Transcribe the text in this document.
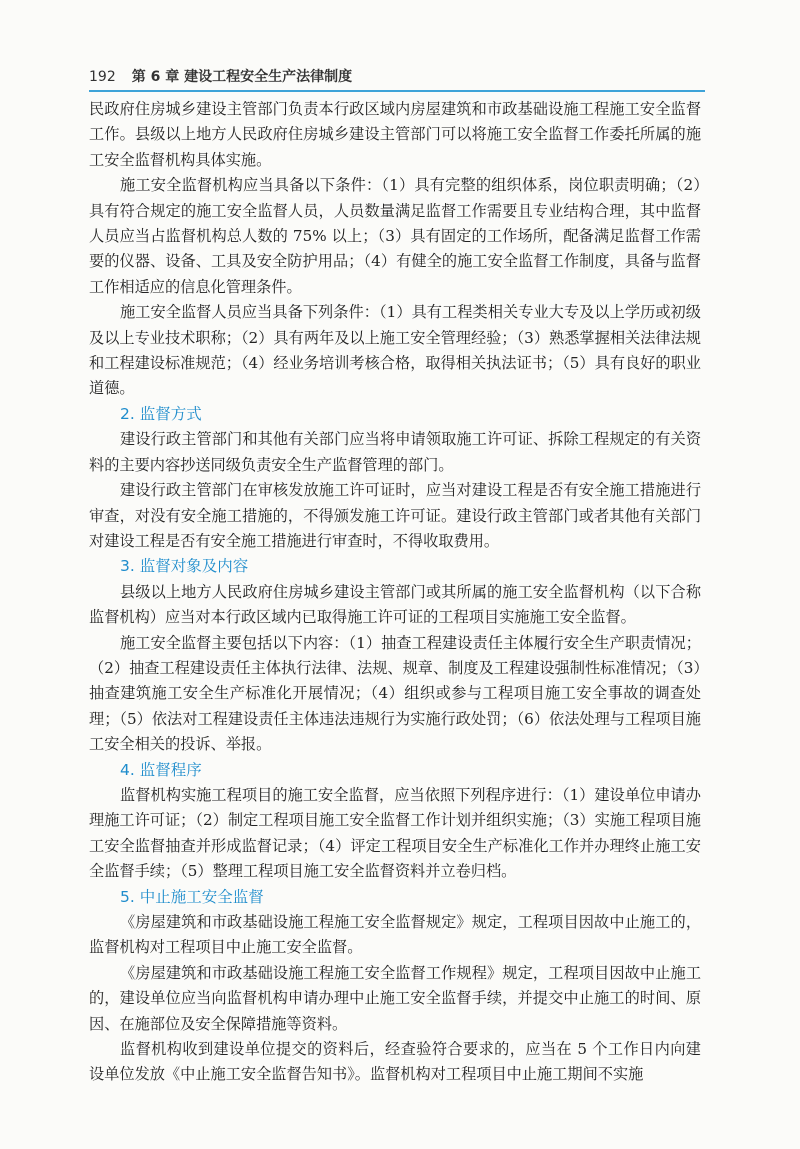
192 第 6 章 建设工程安全生产法律制度

民政府住房城乡建设主管部门负责本行政区域内房屋建筑和市政基础设施工程施工安全监督工作。县级以上地方人民政府住房城乡建设主管部门可以将施工安全监督工作委托所属的施工安全监督机构具体实施。

施工安全监督机构应当具备以下条件：（1）具有完整的组织体系，岗位职责明确；（2）具有符合规定的施工安全监督人员，人员数量满足监督工作需要且专业结构合理，其中监督人员应当占监督机构总人数的 75% 以上；（3）具有固定的工作场所，配备满足监督工作需要的仪器、设备、工具及安全防护用品；（4）有健全的施工安全监督工作制度，具备与监督工作相适应的信息化管理条件。

施工安全监督人员应当具备下列条件：（1）具有工程类相关专业大专及以上学历或初级及以上专业技术职称；（2）具有两年及以上施工安全管理经验；（3）熟悉掌握相关法律法规和工程建设标准规范；（4）经业务培训考核合格，取得相关执法证书；（5）具有良好的职业道德。

2. 监督方式

建设行政主管部门和其他有关部门应当将申请领取施工许可证、拆除工程规定的有关资料的主要内容抄送同级负责安全生产监督管理的部门。

建设行政主管部门在审核发放施工许可证时，应当对建设工程是否有安全施工措施进行审查，对没有安全施工措施的，不得颁发施工许可证。建设行政主管部门或者其他有关部门对建设工程是否有安全施工措施进行审查时，不得收取费用。

3. 监督对象及内容

县级以上地方人民政府住房城乡建设主管部门或其所属的施工安全监督机构（以下合称监督机构）应当对本行政区域内已取得施工许可证的工程项目实施施工安全监督。

施工安全监督主要包括以下内容：（1）抽查工程建设责任主体履行安全生产职责情况；（2）抽查工程建设责任主体执行法律、法规、规章、制度及工程建设强制性标准情况；（3）抽查建筑施工安全生产标准化开展情况；（4）组织或参与工程项目施工安全事故的调查处理；（5）依法对工程建设责任主体违法违规行为实施行政处罚；（6）依法处理与工程项目施工安全相关的投诉、举报。

4. 监督程序

监督机构实施工程项目的施工安全监督，应当依照下列程序进行：（1）建设单位申请办理施工许可证；（2）制定工程项目施工安全监督工作计划并组织实施；（3）实施工程项目施工安全监督抽查并形成监督记录；（4）评定工程项目安全生产标准化工作并办理终止施工安全监督手续；（5）整理工程项目施工安全监督资料并立卷归档。

5. 中止施工安全监督

《房屋建筑和市政基础设施工程施工安全监督规定》规定，工程项目因故中止施工的，监督机构对工程项目中止施工安全监督。

《房屋建筑和市政基础设施工程施工安全监督工作规程》规定，工程项目因故中止施工的，建设单位应当向监督机构申请办理中止施工安全监督手续，并提交中止施工的时间、原因、在施部位及安全保障措施等资料。

监督机构收到建设单位提交的资料后，经查验符合要求的，应当在 5 个工作日内向建设单位发放《中止施工安全监督告知书》。监督机构对工程项目中止施工期间不实施
